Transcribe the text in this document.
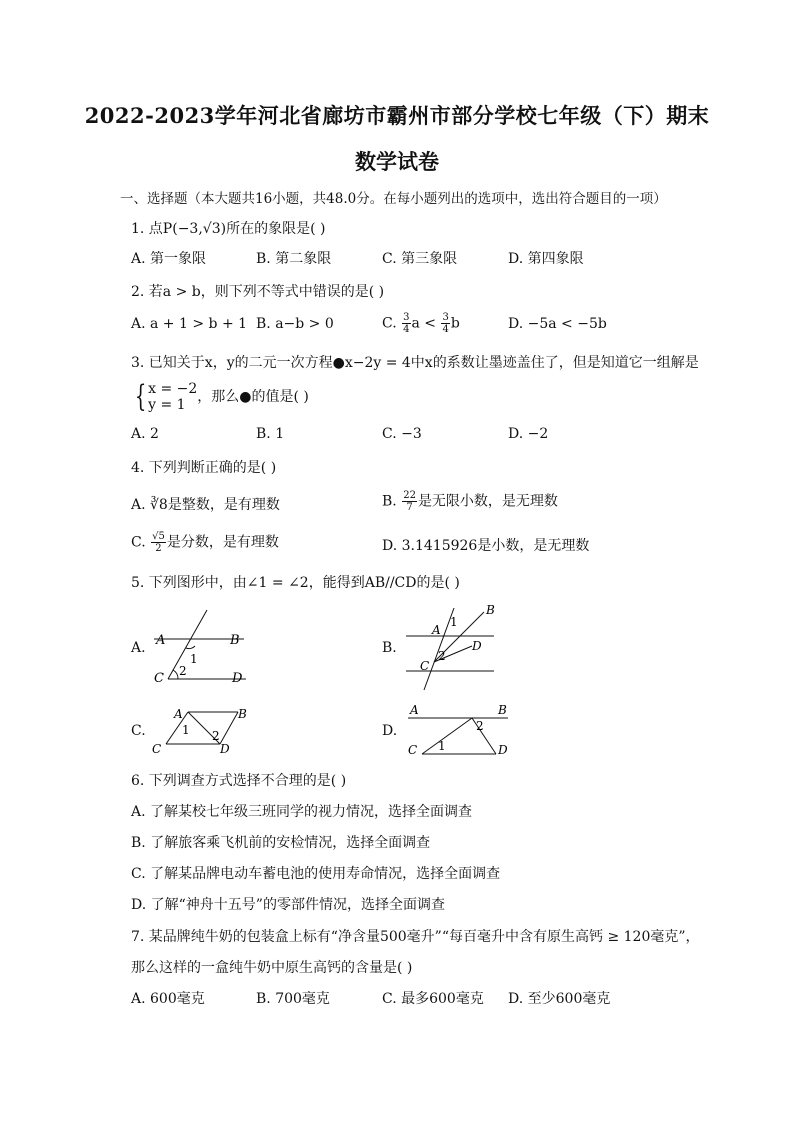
2022-2023学年河北省廊坊市霸州市部分学校七年级（下）期末
数学试卷
一、选择题（本大题共16小题，共48.0分。在每小题列出的选项中，选出符合题目的一项）
1. 点P(−3,√3)所在的象限是( )
A. 第一象限	B. 第二象限	C. 第三象限	D. 第四象限
2. 若a > b，则下列不等式中错误的是( )
A. a + 1 > b + 1 B. a−b > 0	C. $\frac{3}{4}$ $a < \frac{3}{4}$ b	D. −5a < −5b
3. 已知关于x，y的二元一次方程●x−2y = 4中x的系数让墨迹盖住了，但是知道它一组解是
{ x = −2
y = 1 ，那么●的值是( )
A. 2	B. 1	C. −3	D. −2
4. 下列判断正确的是( )
A. ∛8是整数，是有理数	B. $\frac{22}{7}$ 是无限小数，是无理数
C. $\frac{√5}{2}$ 是分数，是有理数	D. 3.1415926是小数，是无理数
5. 下列图形中，由∠1 = ∠2，能得到AB//CD的是( )
A. A	B
C	D
1
2
B.
A
B
C
D
1
2
C.
A	B
C	D
1 2	D.
A	B
C	D
1
2
6. 下列调查方式选择不合理的是( )
A. 了解某校七年级三班同学的视力情况，选择全面调查
B. 了解旅客乘飞机前的安检情况，选择全面调查
C. 了解某品牌电动车蓄电池的使用寿命情况，选择全面调查
D. 了解“神舟十五号”的零部件情况，选择全面调查
7. 某品牌纯牛奶的包装盒上标有“净含量500毫升”“每百毫升中含有原生高钙 ≥ 120毫克”，
那么这样的一盒纯牛奶中原生高钙的含量是( )
A. 600毫克	B. 700毫克	C. 最多600毫克 D. 至少600毫克
